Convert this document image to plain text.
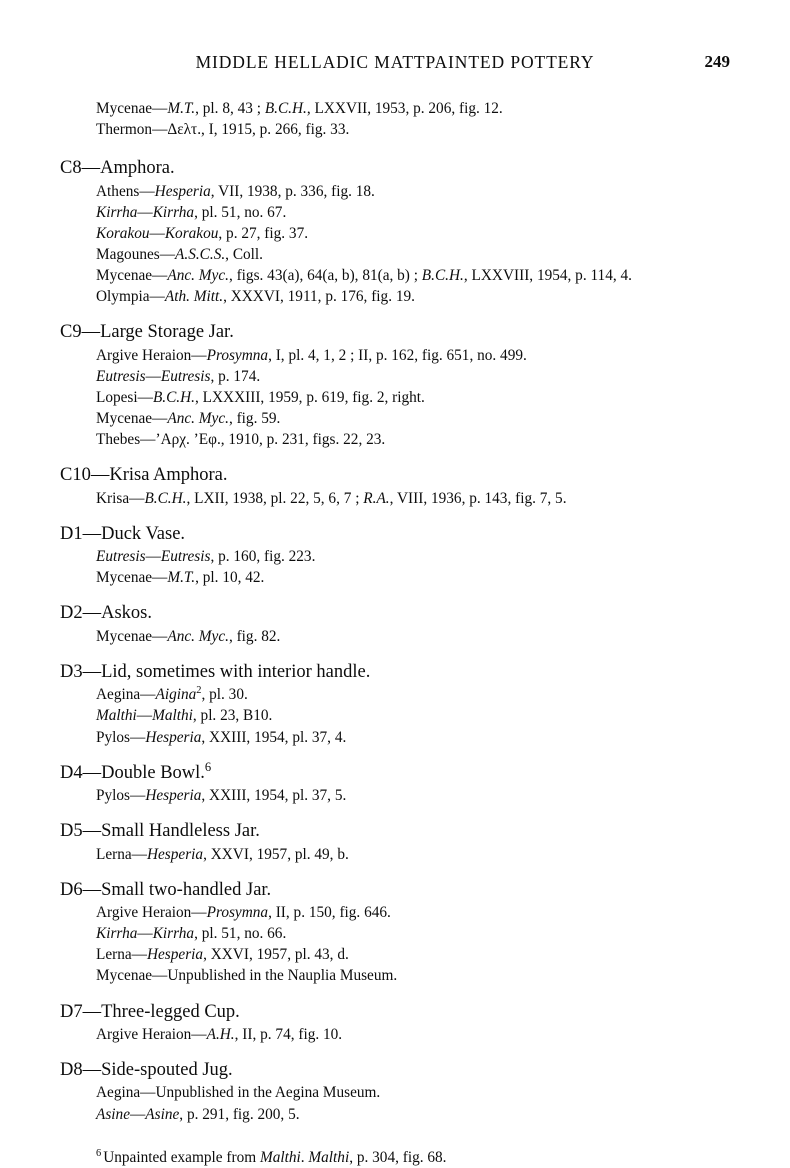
MIDDLE HELLADIC MATTPAINTED POTTERY	249
Mycenae—M.T., pl. 8, 43 ; B.C.H., LXXVII, 1953, p. 206, fig. 12.
Thermon—Δελτ., I, 1915, p. 266, fig. 33.
C8—Amphora.
Athens—Hesperia, VII, 1938, p. 336, fig. 18.
Kirrha—Kirrha, pl. 51, no. 67.
Korakou—Korakou, p. 27, fig. 37.
Magounes—A.S.C.S., Coll.
Mycenae—Anc. Myc., figs. 43(a), 64(a, b), 81(a, b) ; B.C.H., LXXVIII, 1954, p. 114, 4.
Olympia—Ath. Mitt., XXXVI, 1911, p. 176, fig. 19.
C9—Large Storage Jar.
Argive Heraion—Prosymna, I, pl. 4, 1, 2 ; II, p. 162, fig. 651, no. 499.
Eutresis—Eutresis, p. 174.
Lopesi—B.C.H., LXXXIII, 1959, p. 619, fig. 2, right.
Mycenae—Anc. Myc., fig. 59.
Thebes—’Αρχ. ’Εφ., 1910, p. 231, figs. 22, 23.
C10—Krisa Amphora.
Krisa—B.C.H., LXII, 1938, pl. 22, 5, 6, 7 ; R.A., VIII, 1936, p. 143, fig. 7, 5.
D1—Duck Vase.
Eutresis—Eutresis, p. 160, fig. 223.
Mycenae—M.T., pl. 10, 42.
D2—Askos.
Mycenae—Anc. Myc., fig. 82.
D3—Lid, sometimes with interior handle.
Aegina—Aigina$^2$, pl. 30.
Malthi—Malthi, pl. 23, B10.
Pylos—Hesperia, XXIII, 1954, pl. 37, 4.
D4—Double Bowl.$^6$
Pylos—Hesperia, XXIII, 1954, pl. 37, 5.
D5—Small Handleless Jar.
Lerna—Hesperia, XXVI, 1957, pl. 49, b.
D6—Small two-handled Jar.
Argive Heraion—Prosymna, II, p. 150, fig. 646.
Kirrha—Kirrha, pl. 51, no. 66.
Lerna—Hesperia, XXVI, 1957, pl. 43, d.
Mycenae—Unpublished in the Nauplia Museum.
D7—Three-legged Cup.
Argive Heraion—A.H., II, p. 74, fig. 10.
D8—Side-spouted Jug.
Aegina—Unpublished in the Aegina Museum.
Asine—Asine, p. 291, fig. 200, 5.
$^6$ Unpainted example from Malthi. Malthi, p. 304, fig. 68.
